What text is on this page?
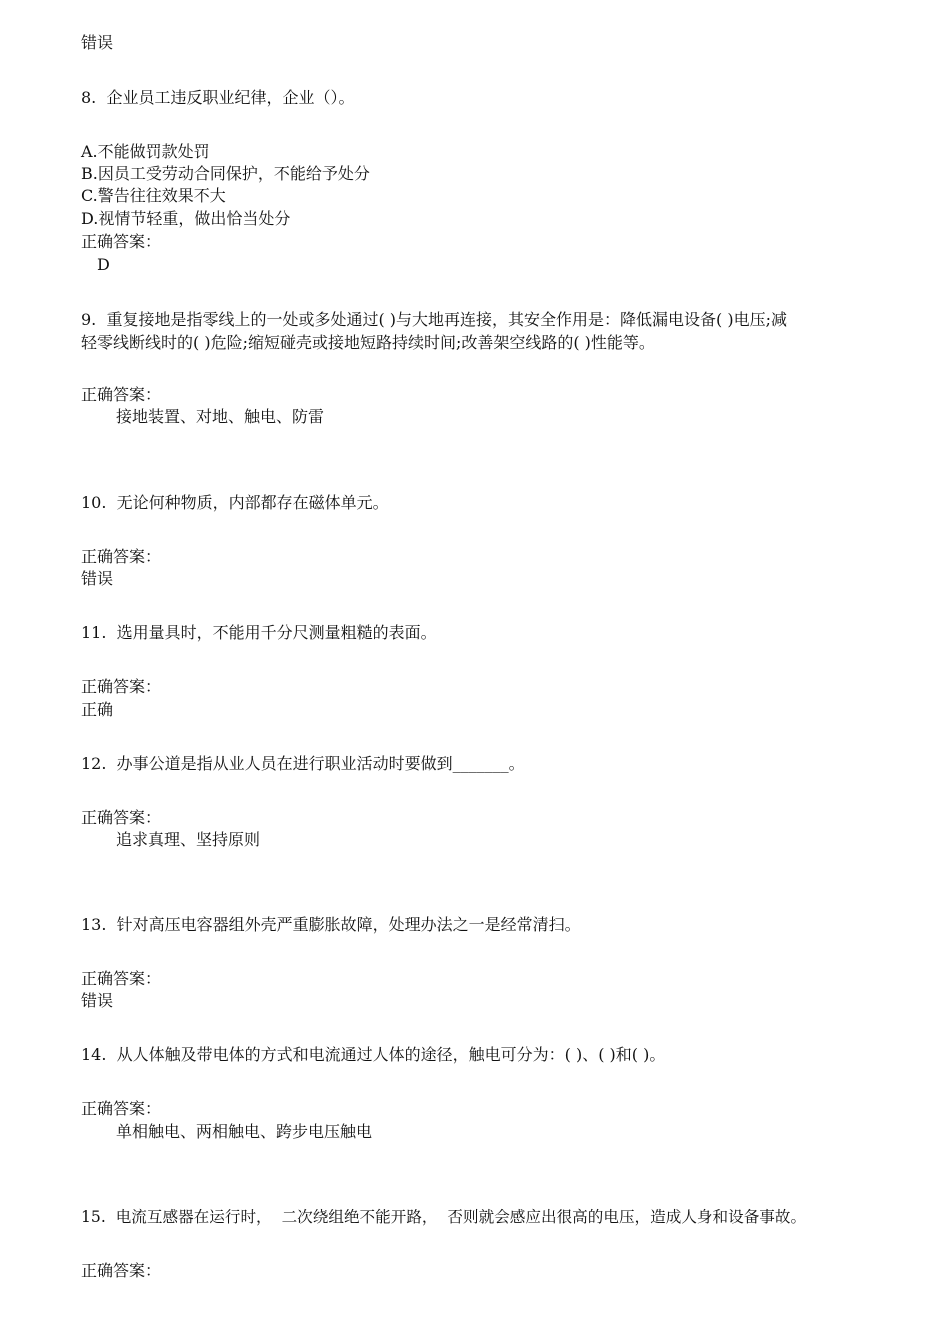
错误
8.  企业员工违反职业纪律，企业（）。
A.不能做罚款处罚
B.因员工受劳动合同保护，不能给予处分
C.警告往往效果不大
D.视情节轻重，做出恰当处分
正确答案：
D
9.  重复接地是指零线上的一处或多处通过( )与大地再连接，其安全作用是：降低漏电设备( )电压;减
轻零线断线时的( )危险;缩短碰壳或接地短路持续时间;改善架空线路的( )性能等。
正确答案：
接地装置、对地、触电、防雷
10.  无论何种物质，内部都存在磁体单元。
正确答案：
错误
11.  选用量具时，不能用千分尺测量粗糙的表面。
正确答案：
正确
12.  办事公道是指从业人员在进行职业活动时要做到_______。
正确答案：
追求真理、坚持原则
13.  针对高压电容器组外壳严重膨胀故障，处理办法之一是经常清扫。
正确答案：
错误
14.  从人体触及带电体的方式和电流通过人体的途径，触电可分为：( )、( )和( )。
正确答案：
单相触电、两相触电、跨步电压触电
15.  电流互感器在运行时，  二次绕组绝不能开路，  否则就会感应出很高的电压，造成人身和设备事故。
正确答案：
